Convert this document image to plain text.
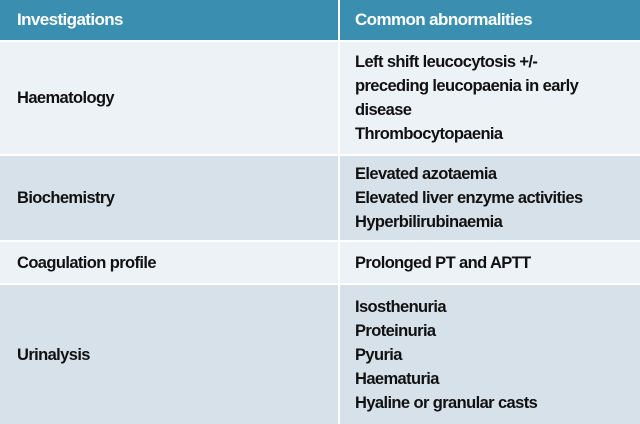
Investigations	Common abnormalities
Haematology
Left shift leucocytosis +/-
preceding leucopaenia in early
disease
Thrombocytopaenia
Biochemistry
Elevated azotaemia
Elevated liver enzyme activities
Hyperbilirubinaemia
Coagulation profile	Prolonged PT and APTT
Urinalysis
Isosthenuria
Proteinuria
Pyuria
Haematuria
Hyaline or granular casts
